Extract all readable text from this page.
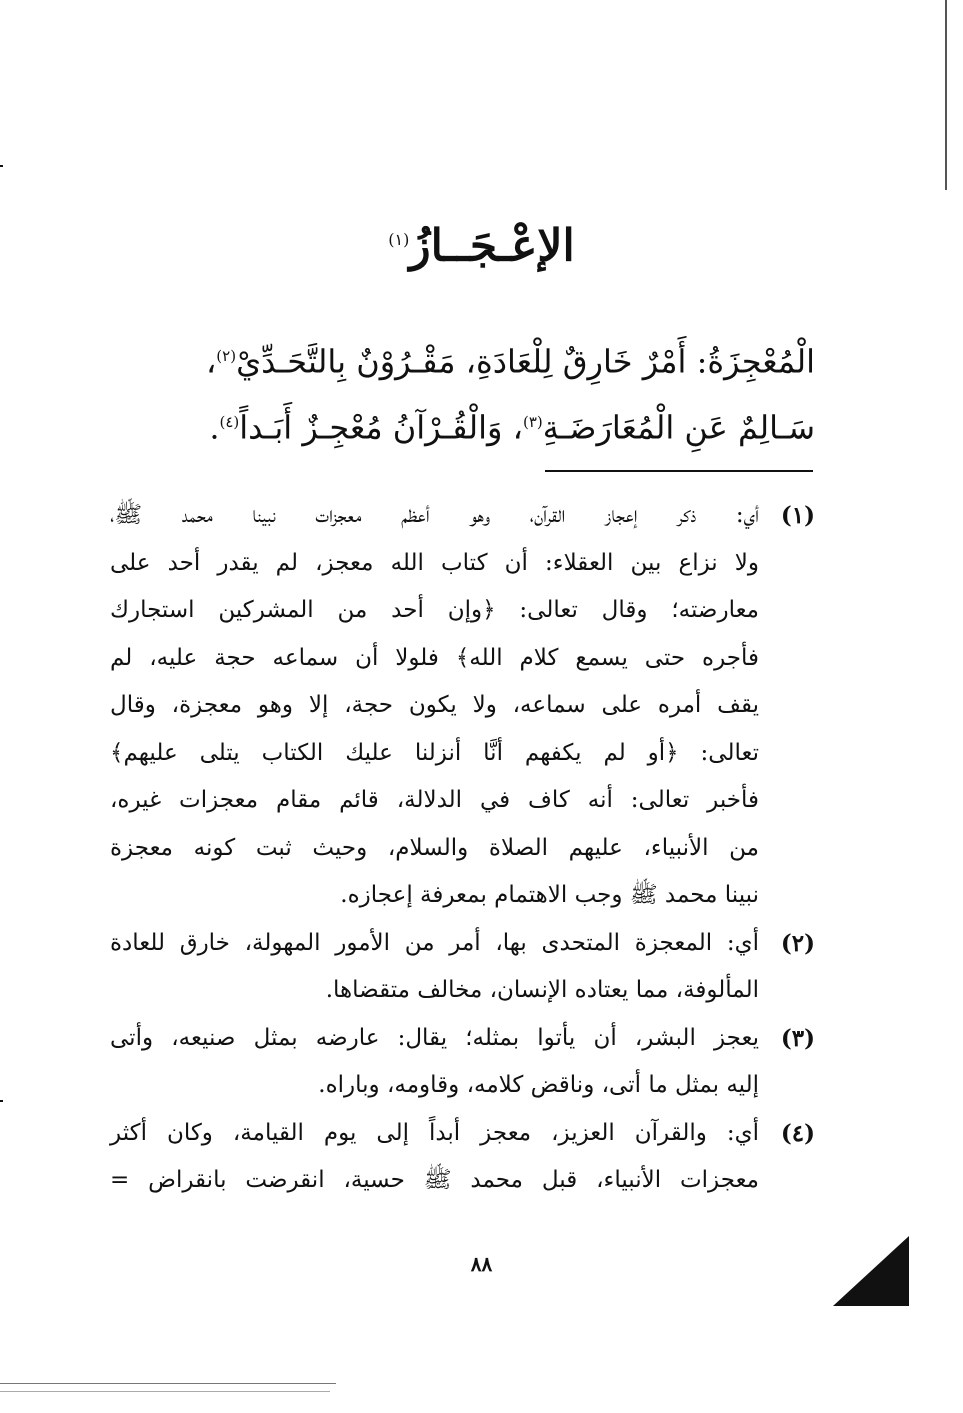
الإعْـجَــازُ$^{(١)}$
الْمُعْجِزَةُ: أَمْرٌ خَارِقٌ لِلْعَادَةِ، مَقْـرُوْنٌ بِالتَّحَـدِّيْ$^{(٢)}$،
سَـالِمٌ عَنِ الْمُعَارَضَـةِ$^{(٣)}$، وَالْقُـرْآنُ مُعْجِـزٌ أَبَـداً$^{(٤)}$.
(١)
أي: ذكر إعجاز القرآن، وهو أعظم معجزات نبينا محمد ﷺ،
ولا نزاع بين العقلاء: أن كتاب الله معجز، لم يقدر أحد على
معارضته؛ وقال تعالى: ﴿وإن أحد من المشركين استجارك
فأجره حتى يسمع كلام الله﴾ فلولا أن سماعه حجة عليه، لم
يقف أمره على سماعه، ولا يكون حجة، إلا وهو معجزة، وقال
تعالى: ﴿أو لم يكفهم أنَّا أنزلنا عليك الكتاب يتلى عليهم﴾
فأخبر تعالى: أنه كاف في الدلالة، قائم مقام معجزات غيره،
من الأنبياء، عليهم الصلاة والسلام، وحيث ثبت كونه معجزة
نبينا محمد ﷺ وجب الاهتمام بمعرفة إعجازه.
(٢)
أي: المعجزة المتحدى بها، أمر من الأمور المهولة، خارق للعادة
المألوفة، مما يعتاده الإنسان، مخالف متقضاها.
(٣)
يعجز البشر، أن يأتوا بمثله؛ يقال: عارضه بمثل صنيعه، وأتى
إليه بمثل ما أتى، وناقض كلامه، وقاومه، وباراه.
(٤)
أي: والقرآن العزيز، معجز أبداً إلى يوم القيامة، وكان أكثر
معجزات الأنبياء، قبل محمد ﷺ حسية، انقرضت بانقراض =
٨٨
